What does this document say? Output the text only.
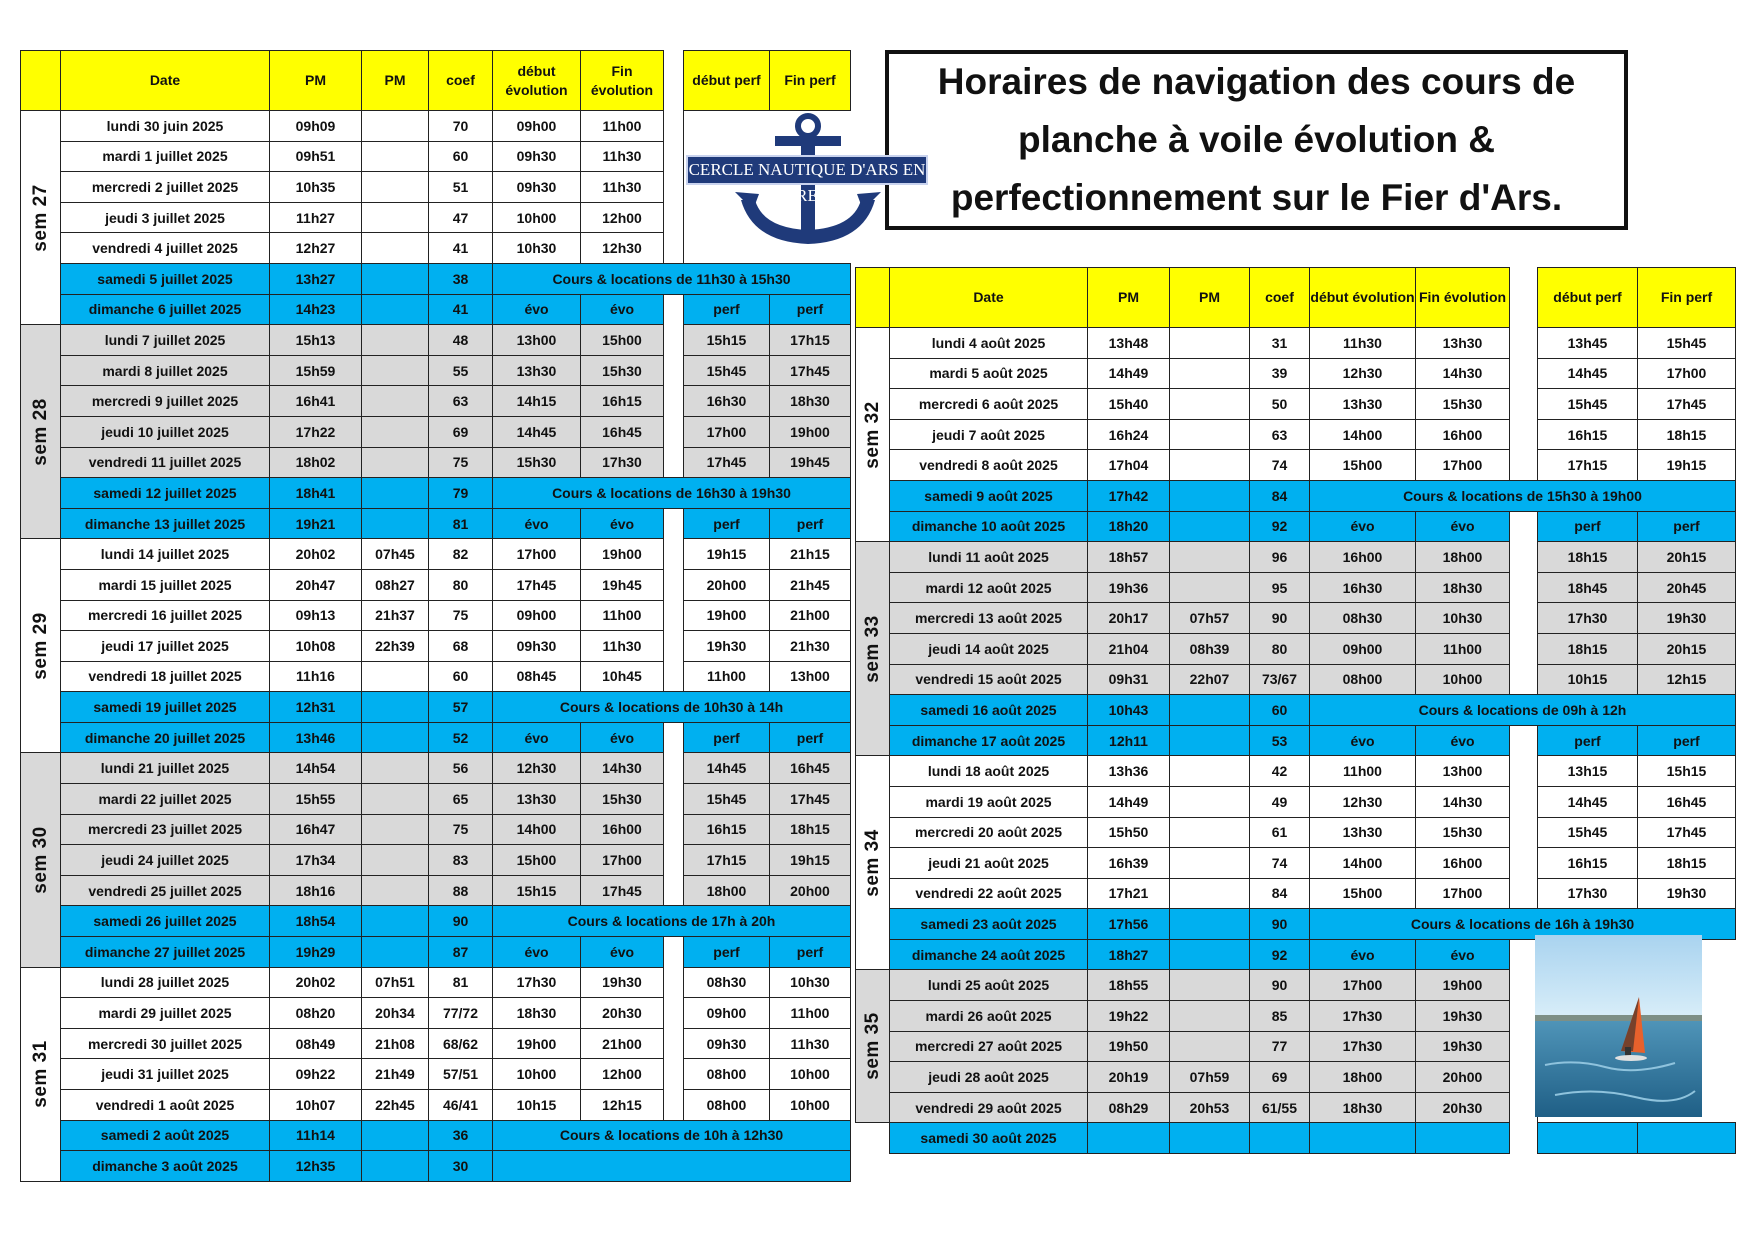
	Date	PM	PM	coef	début évolution	Fin évolution		début perf	Fin perf

sem 27	lundi 30 juin 2025	09h09		70	09h00	11h00			
	mardi 1 juillet 2025	09h51		60	09h30	11h30			
	mercredi 2 juillet 2025	10h35		51	09h30	11h30			
	jeudi 3 juillet 2025	11h27		47	10h00	12h00			
	vendredi 4 juillet 2025	12h27		41	10h30	12h30			
	samedi 5 juillet 2025	13h27		38	Cours & locations de 11h30 à 15h30				
	dimanche 6 juillet 2025	14h23		41	évo	évo		perf	perf

sem 28	lundi 7 juillet 2025	15h13		48	13h00	15h00		15h15	17h15
	mardi 8 juillet 2025	15h59		55	13h30	15h30		15h45	17h45
	mercredi 9 juillet 2025	16h41		63	14h15	16h15		16h30	18h30
	jeudi 10 juillet 2025	17h22		69	14h45	16h45		17h00	19h00
	vendredi 11 juillet 2025	18h02		75	15h30	17h30		17h45	19h45
	samedi 12 juillet 2025	18h41		79	Cours & locations de 16h30 à 19h30				
	dimanche 13 juillet 2025	19h21		81	évo	évo		perf	perf

sem 29	lundi 14 juillet 2025	20h02	07h45	82	17h00	19h00		19h15	21h15
	mardi 15 juillet 2025	20h47	08h27	80	17h45	19h45		20h00	21h45
	mercredi 16 juillet 2025	09h13	21h37	75	09h00	11h00		19h00	21h00
	jeudi 17 juillet 2025	10h08	22h39	68	09h30	11h30		19h30	21h30
	vendredi 18 juillet 2025	11h16		60	08h45	10h45		11h00	13h00
	samedi 19 juillet 2025	12h31		57	Cours & locations de 10h30 à 14h				
	dimanche 20 juillet 2025	13h46		52	évo	évo		perf	perf

sem 30	lundi 21 juillet 2025	14h54		56	12h30	14h30		14h45	16h45
	mardi 22 juillet 2025	15h55		65	13h30	15h30		15h45	17h45
	mercredi 23 juillet 2025	16h47		75	14h00	16h00		16h15	18h15
	jeudi 24 juillet 2025	17h34		83	15h00	17h00		17h15	19h15
	vendredi 25 juillet 2025	18h16		88	15h15	17h45		18h00	20h00
	samedi 26 juillet 2025	18h54		90	Cours & locations de 17h à 20h				
	dimanche 27 juillet 2025	19h29		87	évo	évo		perf	perf

sem 31	lundi 28 juillet 2025	20h02	07h51	81	17h30	19h30		08h30	10h30
	mardi 29 juillet 2025	08h20	20h34	77/72	18h30	20h30		09h00	11h00
	mercredi 30 juillet 2025	08h49	21h08	68/62	19h00	21h00		09h30	11h30
	jeudi 31 juillet 2025	09h22	21h49	57/51	10h00	12h00		08h00	10h00
	vendredi 1 août 2025	10h07	22h45	46/41	10h15	12h15		08h00	10h00
	samedi 2 août 2025	11h14		36	Cours & locations de 10h à 12h30				
	dimanche 3 août 2025	12h35		30					
	Date	PM	PM	coef	début évolution	Fin évolution		début perf	Fin perf

sem 32	lundi 4 août 2025	13h48		31	11h30	13h30		13h45	15h45
	mardi 5 août 2025	14h49		39	12h30	14h30		14h45	17h00
	mercredi 6 août 2025	15h40		50	13h30	15h30		15h45	17h45
	jeudi 7 août 2025	16h24		63	14h00	16h00		16h15	18h15
	vendredi 8 août 2025	17h04		74	15h00	17h00		17h15	19h15
	samedi 9 août 2025	17h42		84	Cours & locations de 15h30 à 19h00				
	dimanche 10 août 2025	18h20		92	évo	évo		perf	perf

sem 33	lundi 11 août 2025	18h57		96	16h00	18h00		18h15	20h15
	mardi 12 août 2025	19h36		95	16h30	18h30		18h45	20h45
	mercredi 13 août 2025	20h17	07h57	90	08h30	10h30		17h30	19h30
	jeudi 14 août 2025	21h04	08h39	80	09h00	11h00		18h15	20h15
	vendredi 15 août 2025	09h31	22h07	73/67	08h00	10h00		10h15	12h15
	samedi 16 août 2025	10h43		60	Cours & locations de 09h à 12h				
	dimanche 17 août 2025	12h11		53	évo	évo		perf	perf

sem 34	lundi 18 août 2025	13h36		42	11h00	13h00		13h15	15h15
	mardi 19 août 2025	14h49		49	12h30	14h30		14h45	16h45
	mercredi 20 août 2025	15h50		61	13h30	15h30		15h45	17h45
	jeudi 21 août 2025	16h39		74	14h00	16h00		16h15	18h15
	vendredi 22 août 2025	17h21		84	15h00	17h00		17h30	19h30
	samedi 23 août 2025	17h56		90	Cours & locations de 16h à 19h30				
	dimanche 24 août 2025	18h27		92	évo	évo			

sem 35	lundi 25 août 2025	18h55		90	17h00	19h00			
	mardi 26 août 2025	19h22		85	17h30	19h30			
	mercredi 27 août 2025	19h50		77	17h30	19h30			
	jeudi 28 août 2025	20h19	07h59	69	18h00	20h00			
	vendredi 29 août 2025	08h29	20h53	61/55	18h30	20h30			
	samedi 30 août 2025								
Horaires de navigation des cours de planche à voile évolution & perfectionnement sur le Fier d'Ars.
CERCLE NAUTIQUE D'ARS EN RE
